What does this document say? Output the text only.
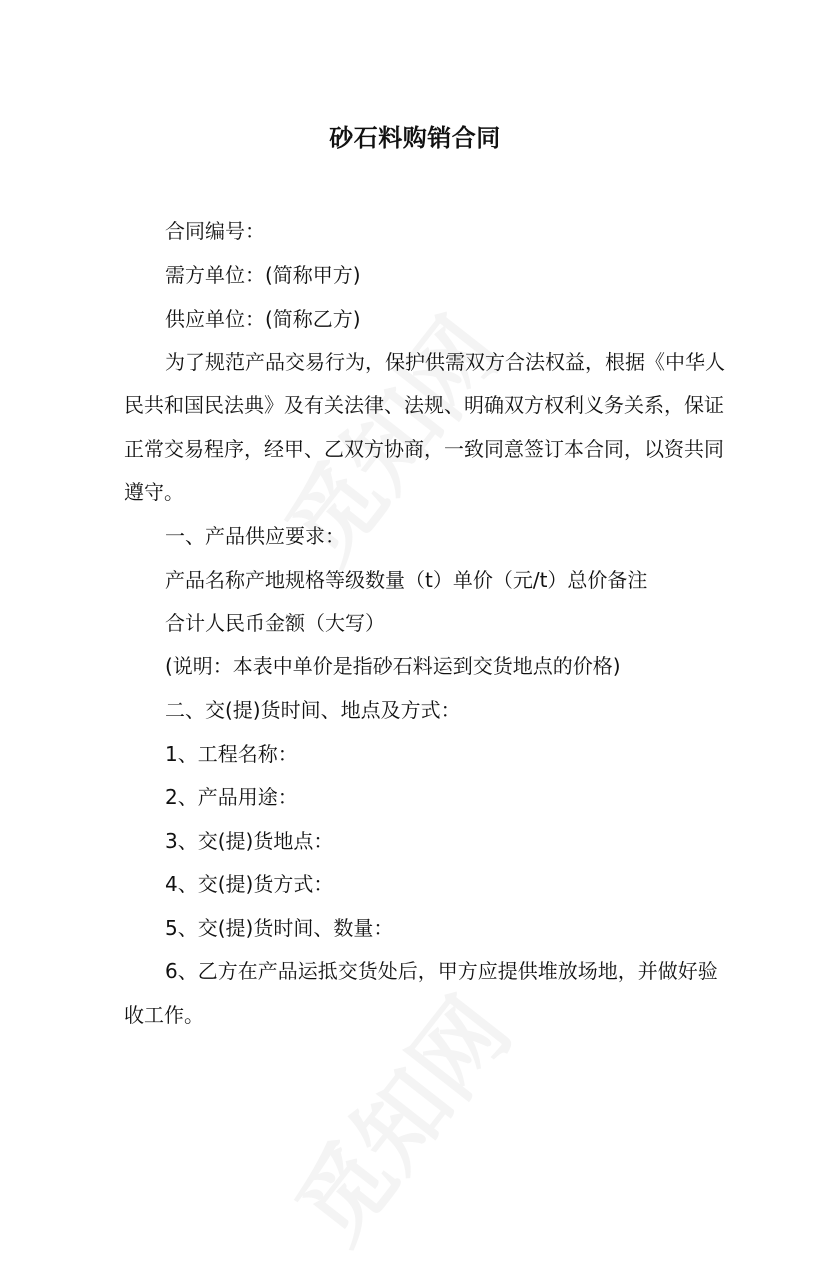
砂石料购销合同
合同编号：
需方单位：(简称甲方)
供应单位：(简称乙方)
为了规范产品交易行为，保护供需双方合法权益，根据《中华人
民共和国民法典》及有关法律、法规、明确双方权利义务关系，保证
正常交易程序，经甲、乙双方协商，一致同意签订本合同，以资共同
遵守。
一、产品供应要求：
产品名称产地规格等级数量（t）单价（元/t）总价备注
合计人民币金额（大写）
(说明：本表中单价是指砂石料运到交货地点的价格)
二、交(提)货时间、地点及方式：
1、工程名称：
2、产品用途：
3、交(提)货地点：
4、交(提)货方式：
5、交(提)货时间、数量：
6、乙方在产品运抵交货处后，甲方应提供堆放场地，并做好验
收工作。
